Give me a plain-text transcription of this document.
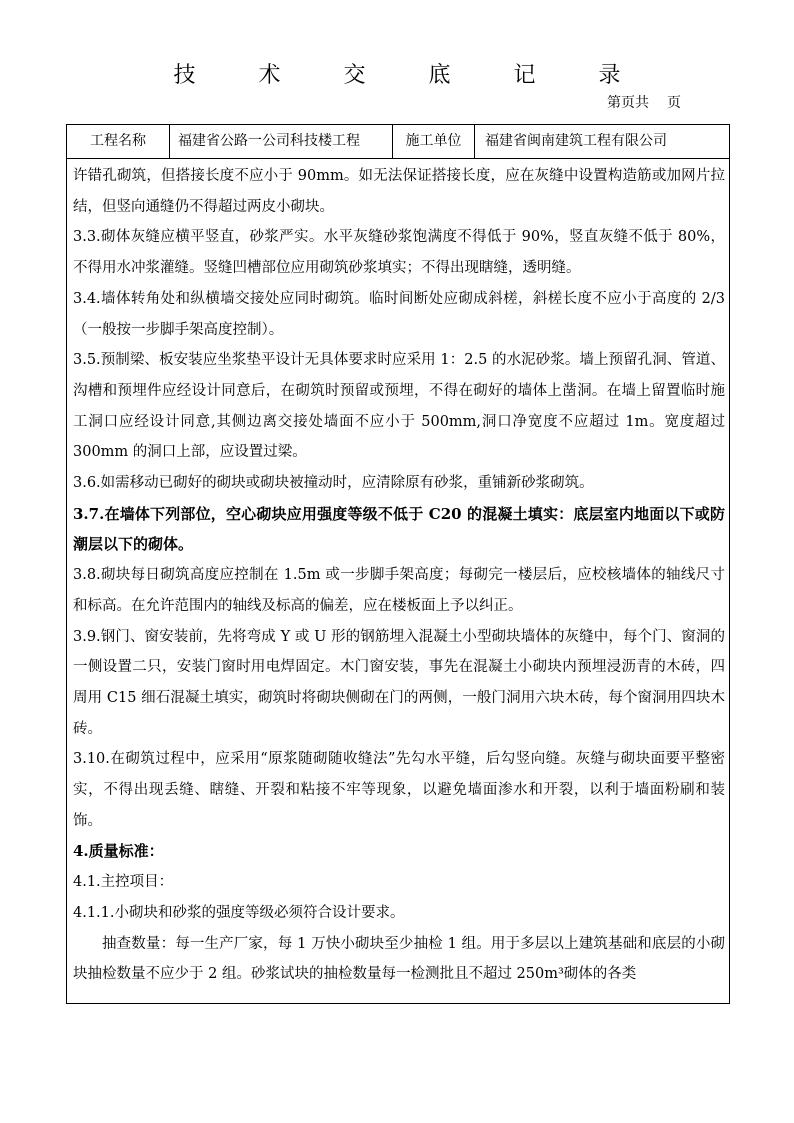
技 术 交 底 记 录
第页共 页
工程名称	福建省公路一公司科技楼工程	施工单位	福建省闽南建筑工程有限公司

许错孔砌筑，但搭接长度不应小于 90mm。如无法保证搭接长度，应在灰缝中设置构造筋或加网片拉结，但竖向通缝仍不得超过两皮小砌块。

3.3.砌体灰缝应横平竖直，砂浆严实。水平灰缝砂浆饱满度不得低于 90%，竖直灰缝不低于 80%，不得用水冲浆灌缝。竖缝凹槽部位应用砌筑砂浆填实；不得出现瞎缝，透明缝。

3.4.墙体转角处和纵横墙交接处应同时砌筑。临时间断处应砌成斜槎，斜槎长度不应小于高度的 2/3（一般按一步脚手架高度控制）。

3.5.预制梁、板安装应坐浆垫平设计无具体要求时应采用 1：2.5 的水泥砂浆。墙上预留孔洞、管道、沟槽和预埋件应经设计同意后，在砌筑时预留或预埋，不得在砌好的墙体上凿洞。在墙上留置临时施工洞口应经设计同意,其侧边离交接处墙面不应小于 500mm,洞口净宽度不应超过 1m。宽度超过 300mm 的洞口上部，应设置过梁。

3.6.如需移动已砌好的砌块或砌块被撞动时，应清除原有砂浆，重铺新砂浆砌筑。

3.7.在墙体下列部位，空心砌块应用强度等级不低于 C20 的混凝土填实：底层室内地面以下或防潮层以下的砌体。

3.8.砌块每日砌筑高度应控制在 1.5m 或一步脚手架高度；每砌完一楼层后，应校核墙体的轴线尺寸和标高。在允许范围内的轴线及标高的偏差，应在楼板面上予以纠正。

3.9.钢门、窗安装前，先将弯成 Y 或 U 形的钢筋埋入混凝土小型砌块墙体的灰缝中，每个门、窗洞的一侧设置二只，安装门窗时用电焊固定。木门窗安装，事先在混凝土小砌块内预埋浸沥青的木砖，四周用 C15 细石混凝土填实，砌筑时将砌块侧砌在门的两侧，一般门洞用六块木砖，每个窗洞用四块木砖。

3.10.在砌筑过程中，应采用“原浆随砌随收缝法”先勾水平缝，后勾竖向缝。灰缝与砌块面要平整密实，不得出现丢缝、瞎缝、开裂和粘接不牢等现象，以避免墙面渗水和开裂，以利于墙面粉刷和装饰。

4.质量标准：

4.1.主控项目：

4.1.1.小砌块和砂浆的强度等级必须符合设计要求。

抽查数量：每一生产厂家，每 1 万快小砌块至少抽检 1 组。用于多层以上建筑基础和底层的小砌块抽检数量不应少于 2 组。砂浆试块的抽检数量每一检测批且不超过 250m³砌体的各类
